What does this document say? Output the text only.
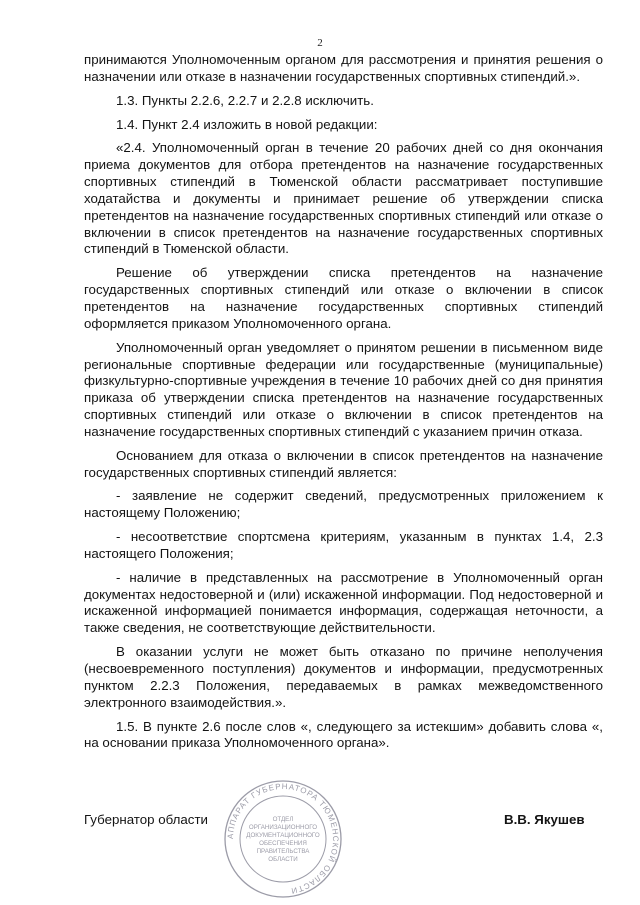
2

принимаются Уполномоченным органом для рассмотрения и принятия решения о назначении или отказе в назначении государственных спортивных стипендий.».

1.3. Пункты 2.2.6, 2.2.7 и 2.2.8 исключить.

1.4. Пункт 2.4 изложить в новой редакции:

«2.4. Уполномоченный орган в течение 20 рабочих дней со дня окончания приема документов для отбора претендентов на назначение государственных спортивных стипендий в Тюменской области рассматривает поступившие ходатайства и документы и принимает решение об утверждении списка претендентов на назначение государственных спортивных стипендий или отказе о включении в список претендентов на назначение государственных спортивных стипендий в Тюменской области.

Решение об утверждении списка претендентов на назначение государственных спортивных стипендий или отказе о включении в список претендентов на назначение государственных спортивных стипендий оформляется приказом Уполномоченного органа.

Уполномоченный орган уведомляет о принятом решении в письменном виде региональные спортивные федерации или государственные (муниципальные) физкультурно-спортивные учреждения в течение 10 рабочих дней со дня принятия приказа об утверждении списка претендентов на назначение государственных спортивных стипендий или отказе о включении в список претендентов на назначение государственных спортивных стипендий с указанием причин отказа.

Основанием для отказа о включении в список претендентов на назначение государственных спортивных стипендий является:

- заявление не содержит сведений, предусмотренных приложением к настоящему Положению;

- несоответствие спортсмена критериям, указанным в пунктах 1.4, 2.3 настоящего Положения;

- наличие в представленных на рассмотрение в Уполномоченный орган документах недостоверной и (или) искаженной информации. Под недостоверной и искаженной информацией понимается информация, содержащая неточности, а также сведения, не соответствующие действительности.

В оказании услуги не может быть отказано по причине неполучения (несвоевременного поступления) документов и информации, предусмотренных пунктом 2.2.3 Положения, передаваемых в рамках межведомственного электронного взаимодействия.».

1.5. В пункте 2.6 после слов «, следующего за истекшим» добавить слова «, на основании приказа Уполномоченного органа».

Губернатор области	В.В. Якушев
АППАРАТ ГУБЕРНАТОРА ТЮМЕНСКОЙ ОБЛАСТИ
ОТДЕЛ
ОРГАНИЗАЦИОННОГО
ДОКУМЕНТАЦИОННОГО
ОБЕСПЕЧЕНИЯ
ПРАВИТЕЛЬСТВА
ОБЛАСТИ
